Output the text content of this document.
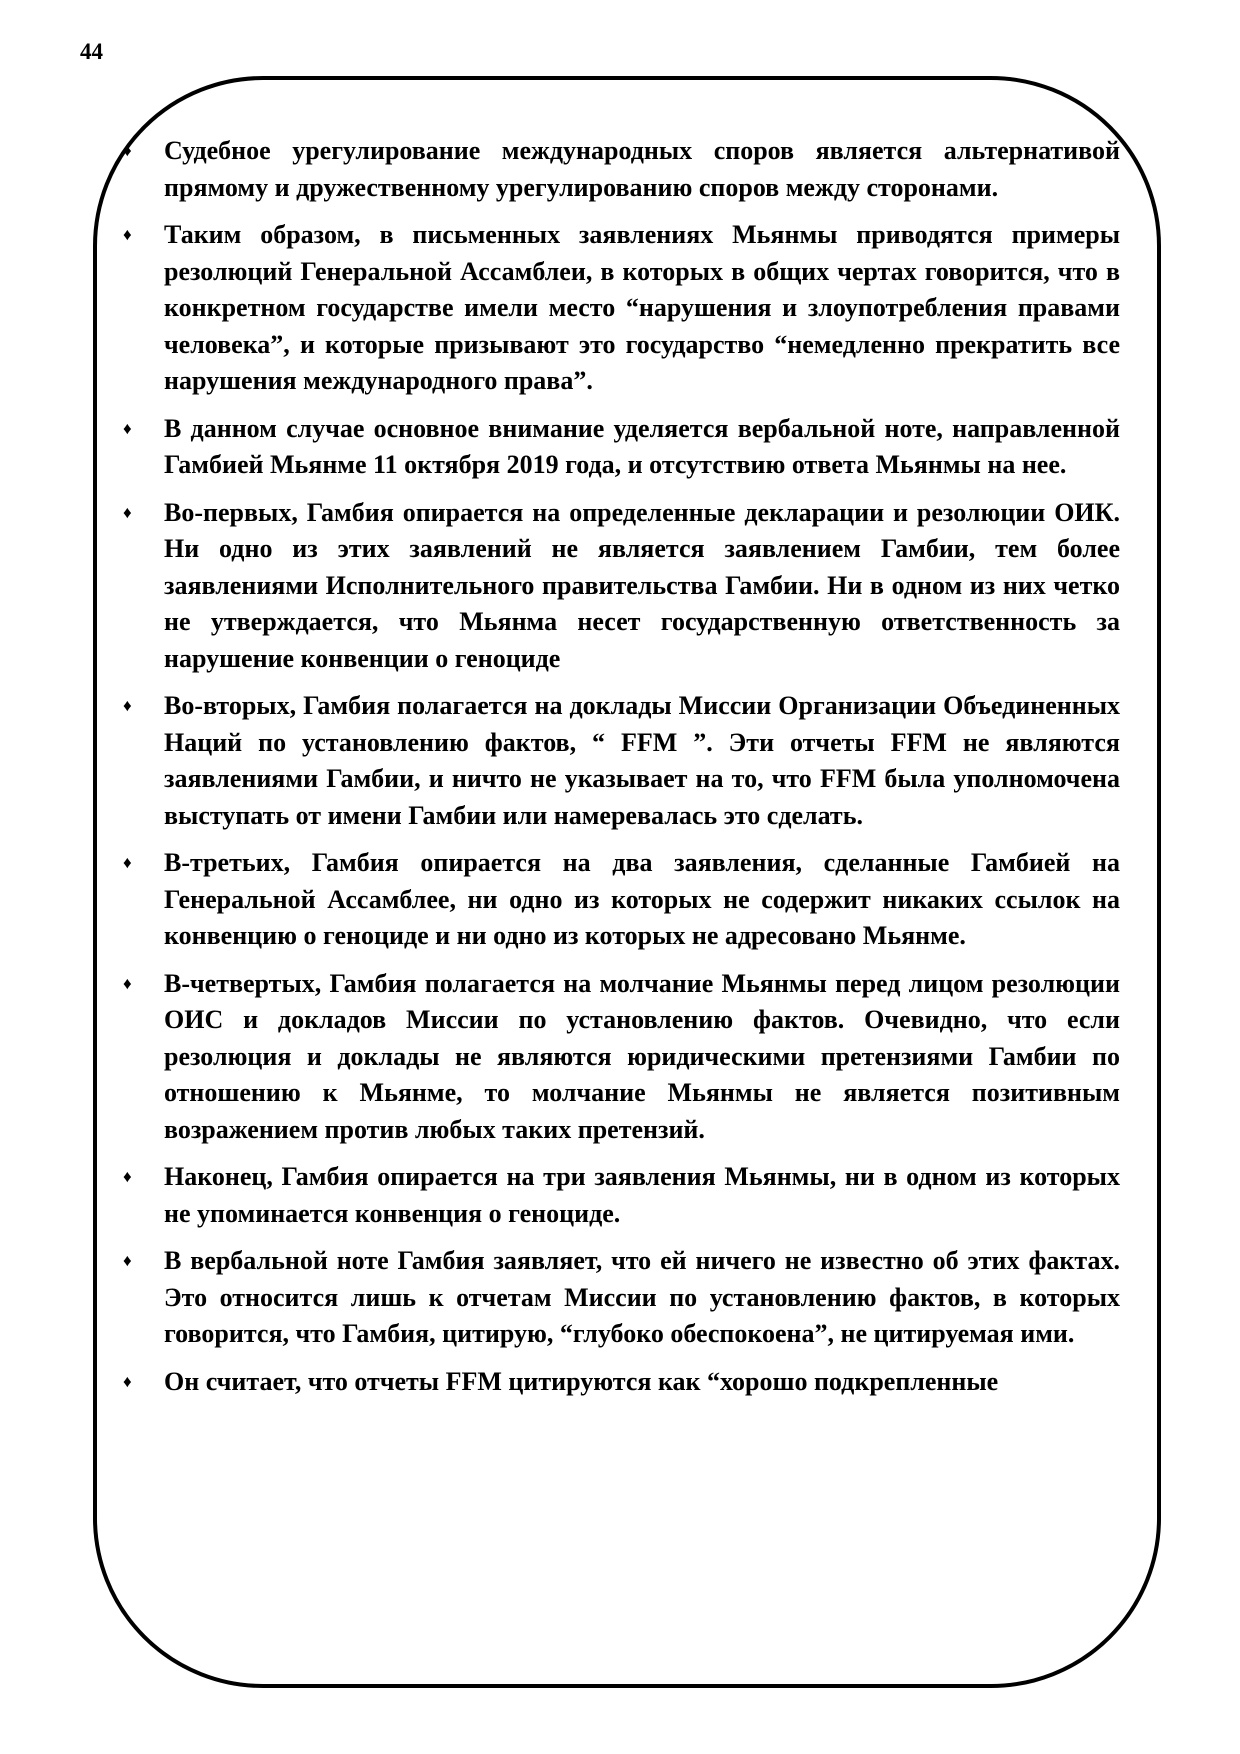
44
♦ Судебное урегулирование международных споров является альтернативой прямому и дружественному урегулированию споров между сторонами.
♦ Таким образом, в письменных заявлениях Мьянмы приводятся примеры резолюций Генеральной Ассамблеи, в которых в общих чертах говорится, что в конкретном государстве имели место “нарушения и злоупотребления правами человека”, и которые призывают это государство “немедленно прекратить все нарушения международного права”.
♦ В данном случае основное внимание уделяется вербальной ноте, направленной Гамбией Мьянме 11 октября 2019 года, и отсутствию ответа Мьянмы на нее.
♦ Во-первых, Гамбия опирается на определенные декларации и резолюции ОИК. Ни одно из этих заявлений не является заявлением Гамбии, тем более заявлениями Исполнительного правительства Гамбии. Ни в одном из них четко не утверждается, что Мьянма несет государственную ответственность за нарушение конвенции о геноциде
♦ Во-вторых, Гамбия полагается на доклады Миссии Организации Объединенных Наций по установлению фактов, “ FFM ”. Эти отчеты FFM не являются заявлениями Гамбии, и ничто не указывает на то, что FFM была уполномочена выступать от имени Гамбии или намеревалась это сделать.
♦ В-третьих, Гамбия опирается на два заявления, сделанные Гамбией на Генеральной Ассамблее, ни одно из которых не содержит никаких ссылок на конвенцию о геноциде и ни одно из которых не адресовано Мьянме.
♦ В-четвертых, Гамбия полагается на молчание Мьянмы перед лицом резолюции ОИС и докладов Миссии по установлению фактов. Очевидно, что если резолюция и доклады не являются юридическими претензиями Гамбии по отношению к Мьянме, то молчание Мьянмы не является позитивным возражением против любых таких претензий.
♦ Наконец, Гамбия опирается на три заявления Мьянмы, ни в одном из которых не упоминается конвенция о геноциде.
♦ В вербальной ноте Гамбия заявляет, что ей ничего не известно об этих фактах. Это относится лишь к отчетам Миссии по установлению фактов, в которых говорится, что Гамбия, цитирую, “глубоко обеспокоена”, не цитируемая ими.
♦ Он считает, что отчеты FFM цитируются как “хорошо подкрепленные
